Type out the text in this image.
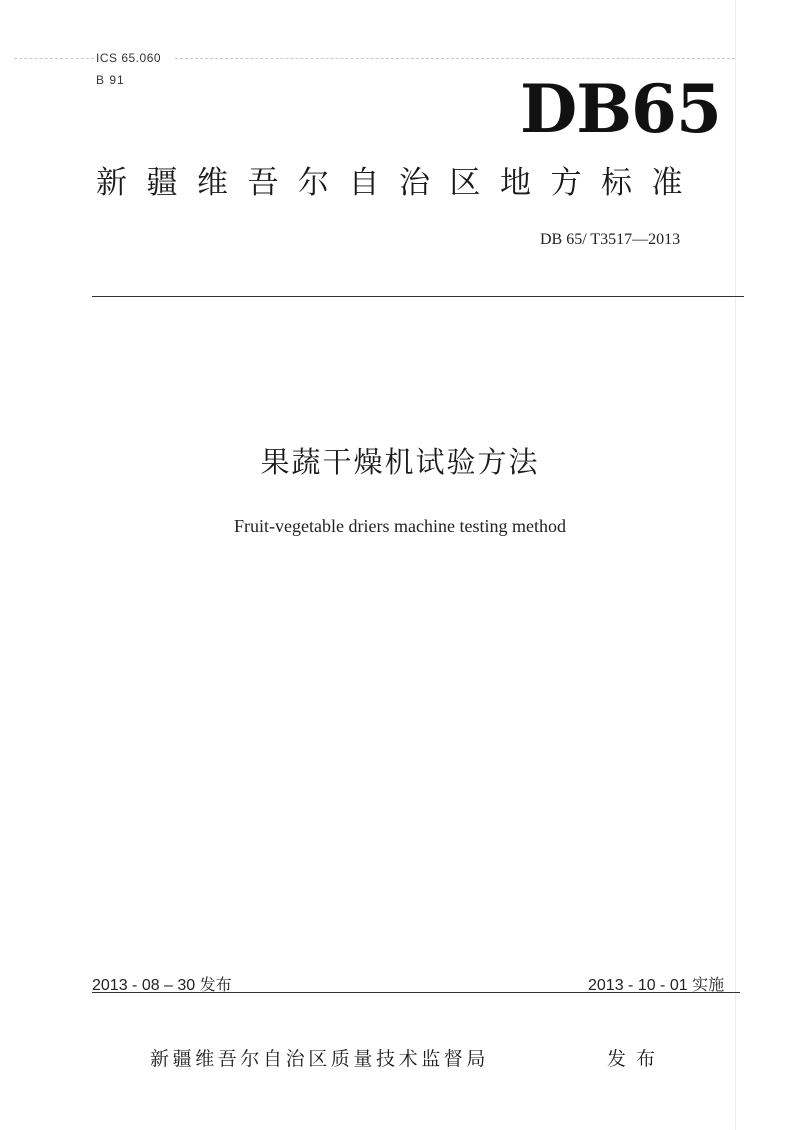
ICS 65.060
B 91	DB65
新疆维吾尔自治区地方标准
DB 65/ T3517—2013
果蔬干燥机试验方法
Fruit-vegetable driers machine testing method
2013 - 08 – 30 发布	2013 - 10 - 01 实施
新疆维吾尔自治区质量技术监督局	发布
